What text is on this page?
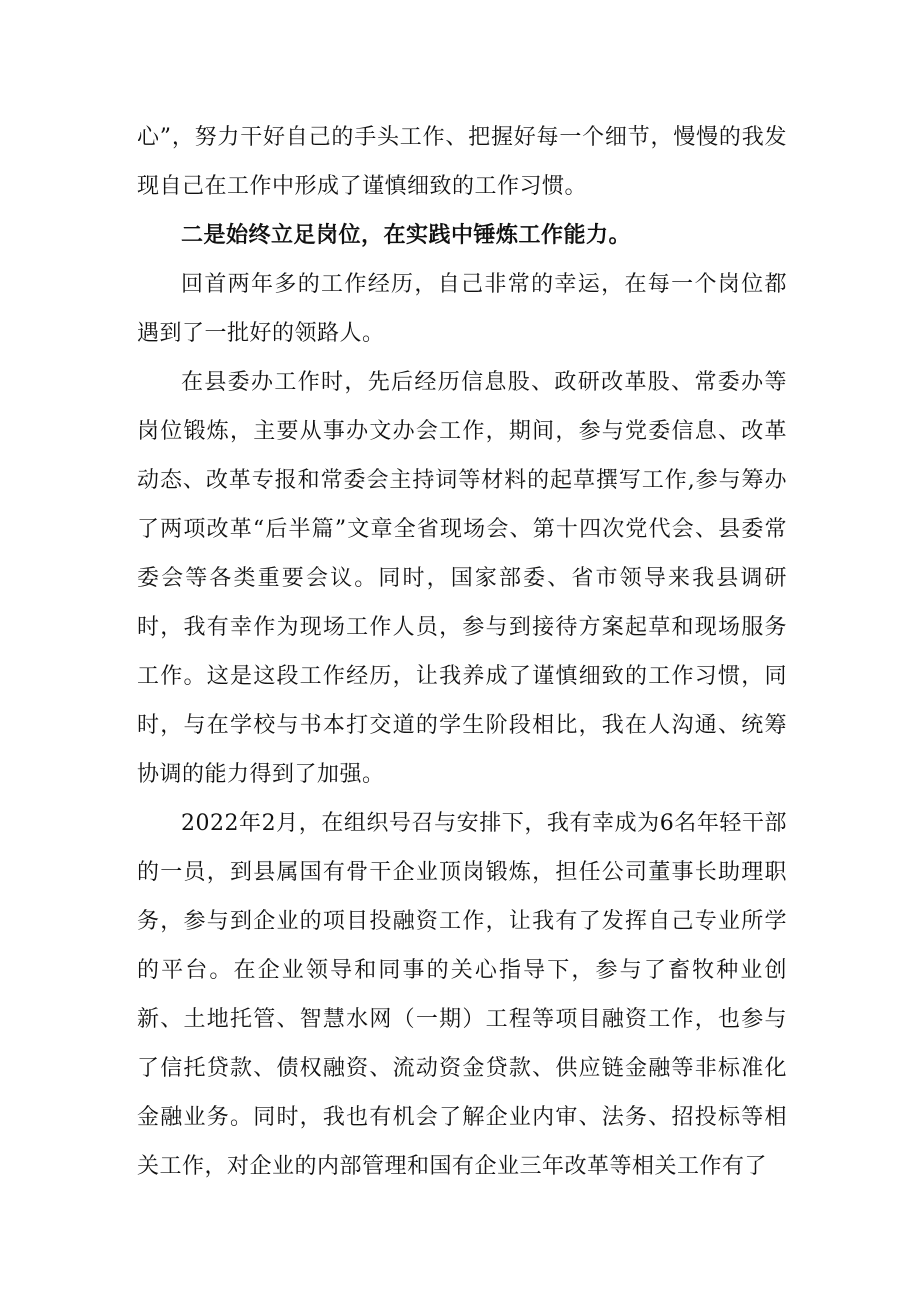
心”，努力干好自己的手头工作、把握好每一个细节，慢慢的我发现自己在工作中形成了谨慎细致的工作习惯。

二是始终立足岗位，在实践中锤炼工作能力。

回首两年多的工作经历，自己非常的幸运，在每一个岗位都遇到了一批好的领路人。

在县委办工作时，先后经历信息股、政研改革股、常委办等岗位锻炼，主要从事办文办会工作，期间，参与党委信息、改革动态、改革专报和常委会主持词等材料的起草撰写工作,参与筹办了两项改革“后半篇”文章全省现场会、第十四次党代会、县委常委会等各类重要会议。同时，国家部委、省市领导来我县调研时，我有幸作为现场工作人员，参与到接待方案起草和现场服务工作。这是这段工作经历，让我养成了谨慎细致的工作习惯，同时，与在学校与书本打交道的学生阶段相比，我在人沟通、统筹协调的能力得到了加强。

2022年2月，在组织号召与安排下，我有幸成为6名年轻干部的一员，到县属国有骨干企业顶岗锻炼，担任公司董事长助理职务，参与到企业的项目投融资工作，让我有了发挥自己专业所学的平台。在企业领导和同事的关心指导下，参与了畜牧种业创新、土地托管、智慧水网（一期）工程等项目融资工作，也参与了信托贷款、债权融资、流动资金贷款、供应链金融等非标准化金融业务。同时，我也有机会了解企业内审、法务、招投标等相关工作，对企业的内部管理和国有企业三年改革等相关工作有了
